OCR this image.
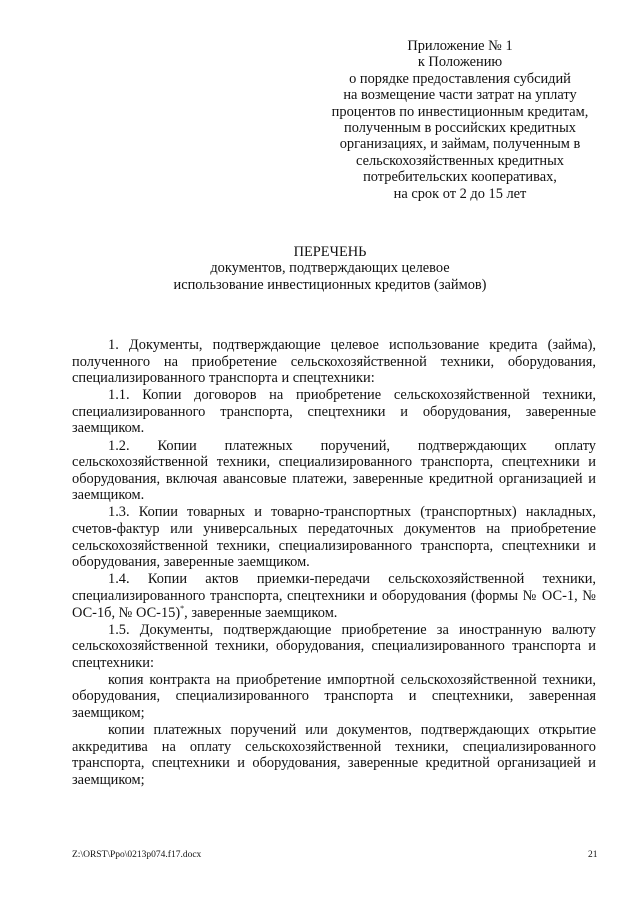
Приложение № 1
к Положению
о порядке предоставления субсидий
на возмещение части затрат на уплату
процентов по инвестиционным кредитам,
полученным в российских кредитных
организациях, и займам, полученным в
сельскохозяйственных кредитных
потребительских кооперативах,
на срок от 2 до 15 лет
ПЕРЕЧЕНЬ
документов, подтверждающих целевое
использование инвестиционных кредитов (займов)

1. Документы, подтверждающие целевое использование кредита (займа), полученного на приобретение сельскохозяйственной техники, оборудования, специализированного транспорта и спецтехники:

1.1. Копии договоров на приобретение сельскохозяйственной техники, специализированного транспорта, спецтехники и оборудования, заверенные заемщиком.

1.2. Копии платежных поручений, подтверждающих оплату сельскохозяйственной техники, специализированного транспорта, спецтехники и оборудования, включая авансовые платежи, заверенные кредитной организацией и заемщиком.

1.3. Копии товарных и товарно-транспортных (транспортных) накладных, счетов-фактур или универсальных передаточных документов на приобретение сельскохозяйственной техники, специализированного транспорта, спецтехники и оборудования, заверенные заемщиком.

1.4. Копии актов приемки-передачи сельскохозяйственной техники, специализированного транспорта, спецтехники и оборудования (формы № ОС-1, № ОС-1б, № ОС-15)*, заверенные заемщиком.

1.5. Документы, подтверждающие приобретение за иностранную валюту сельскохозяйственной техники, оборудования, специализированного транспорта и спецтехники:

копия контракта на приобретение импортной сельскохозяйственной техники, оборудования, специализированного транспорта и спецтехники, заверенная заемщиком;

копии платежных поручений или документов, подтверждающих открытие аккредитива на оплату сельскохозяйственной техники, специализированного транспорта, спецтехники и оборудования, заверенные кредитной организацией и заемщиком;

Z:\ORST\Ppo\0213p074.f17.docx	21
